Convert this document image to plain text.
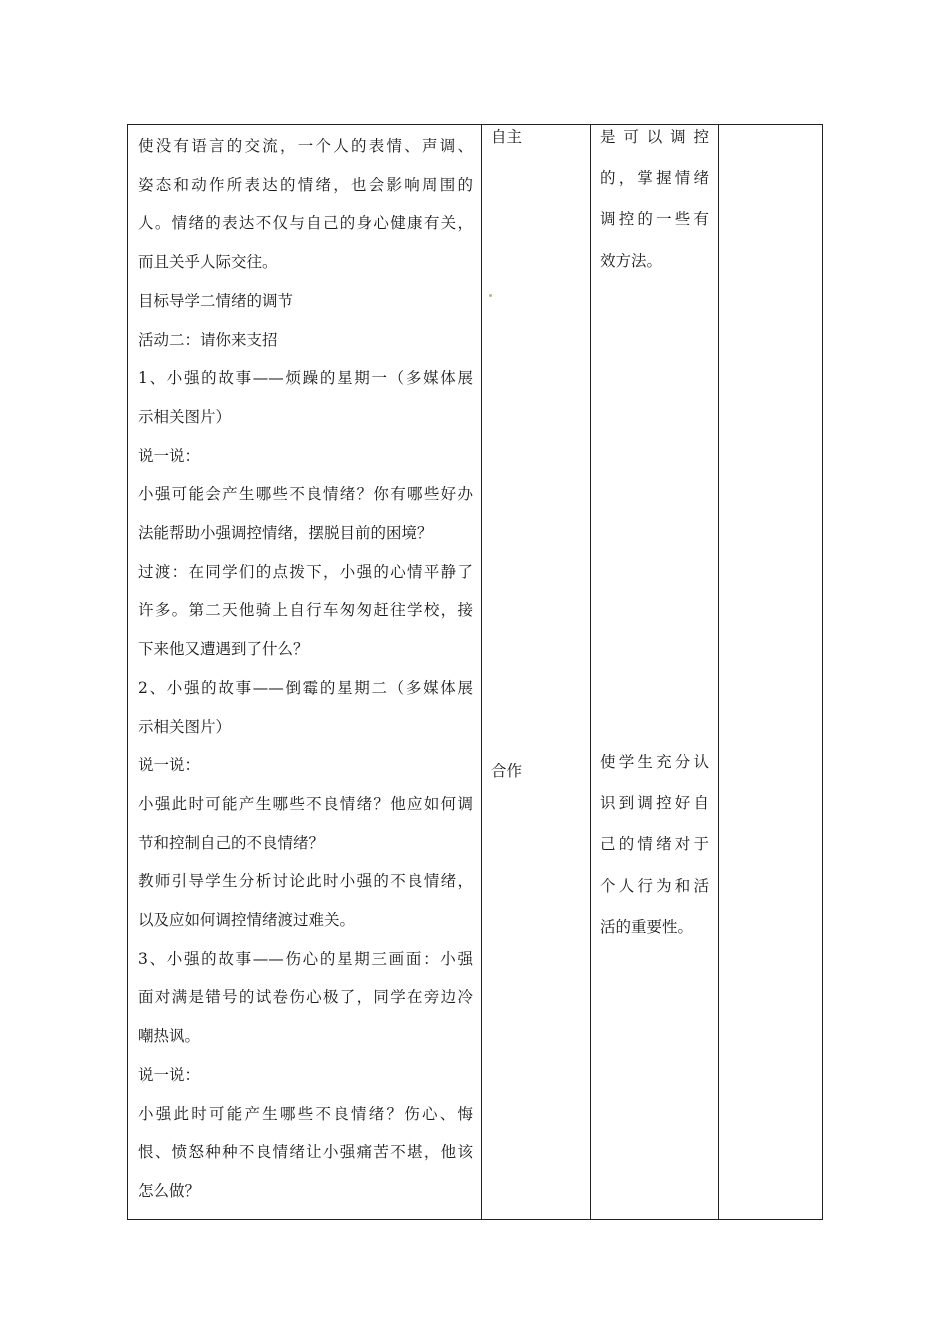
使没有语言的交流，一个人的表情、声调、
姿态和动作所表达的情绪，也会影响周围的
人。情绪的表达不仅与自己的身心健康有关，
而且关乎人际交往。
目标导学二情绪的调节
活动二：请你来支招
1、小强的故事——烦躁的星期一（多媒体展
示相关图片）
说一说：
小强可能会产生哪些不良情绪？你有哪些好办
法能帮助小强调控情绪，摆脱目前的困境？
过渡：在同学们的点拨下，小强的心情平静了
许多。第二天他骑上自行车匆匆赶往学校，接
下来他又遭遇到了什么？
2、小强的故事——倒霉的星期二（多媒体展
示相关图片）
说一说：
小强此时可能产生哪些不良情绪？他应如何调
节和控制自己的不良情绪？
教师引导学生分析讨论此时小强的不良情绪，
以及应如何调控情绪渡过难关。
3、小强的故事——伤心的星期三画面：小强
面对满是错号的试卷伤心极了，同学在旁边冷
嘲热讽。
说一说：
小强此时可能产生哪些不良情绪？伤心、悔
恨、愤怒种种不良情绪让小强痛苦不堪，他该
怎么做？
自主
合作
是可以调控
的，掌握情绪
调控的一些有
效方法。
使学生充分认
识到调控好自
己的情绪对于
个人行为和活
活的重要性。
